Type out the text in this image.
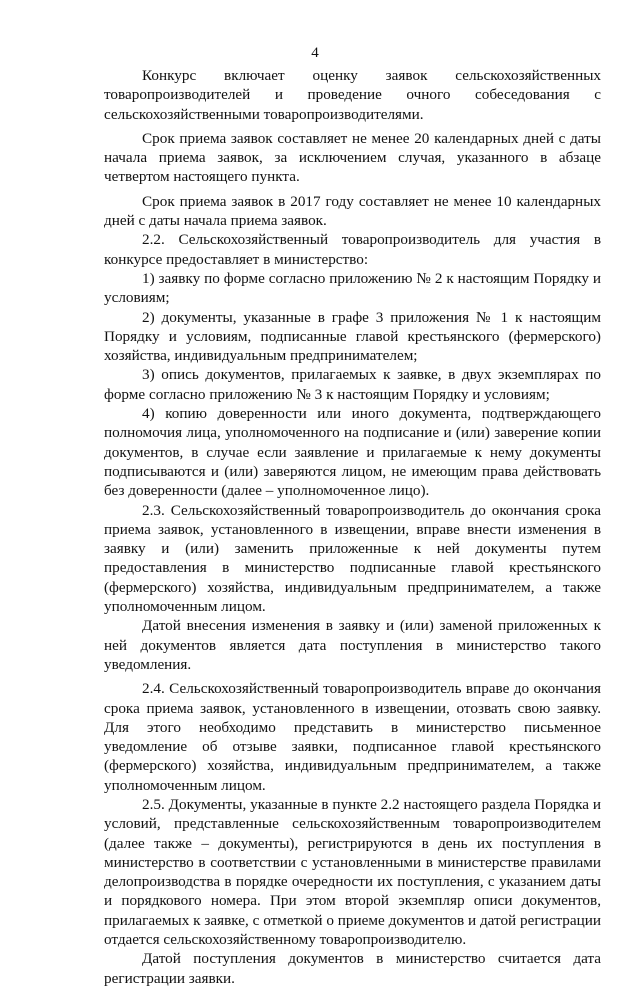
4

Конкурс включает оценку заявок сельскохозяйственных товаропроизводителей и проведение очного собеседования с сельскохозяйственными товаропроизводителями.

Срок приема заявок составляет не менее 20 календарных дней с даты начала приема заявок, за исключением случая, указанного в абзаце четвертом настоящего пункта.

Срок приема заявок в 2017 году составляет не менее 10 календарных дней с даты начала приема заявок.

2.2. Сельскохозяйственный товаропроизводитель для участия в конкурсе предоставляет в министерство:

1) заявку по форме согласно приложению № 2 к настоящим Порядку и условиям;

2) документы, указанные в графе 3 приложения № 1 к настоящим Порядку и условиям, подписанные главой крестьянского (фермерского) хозяйства, индивидуальным предпринимателем;

3) опись документов, прилагаемых к заявке, в двух экземплярах по форме согласно приложению № 3 к настоящим Порядку и условиям;

4) копию доверенности или иного документа, подтверждающего полномочия лица, уполномоченного на подписание и (или) заверение копии документов, в случае если заявление и прилагаемые к нему документы подписываются и (или) заверяются лицом, не имеющим права действовать без доверенности (далее – уполномоченное лицо).

2.3. Сельскохозяйственный товаропроизводитель до окончания срока приема заявок, установленного в извещении, вправе внести изменения в заявку и (или) заменить приложенные к ней документы путем предоставления в министерство подписанные главой крестьянского (фермерского) хозяйства, индивидуальным предпринимателем, а также уполномоченным лицом.

Датой внесения изменения в заявку и (или) заменой приложенных к ней документов является дата поступления в министерство такого уведомления.

2.4. Сельскохозяйственный товаропроизводитель вправе до окончания срока приема заявок, установленного в извещении, отозвать свою заявку. Для этого необходимо представить в министерство письменное уведомление об отзыве заявки, подписанное главой крестьянского (фермерского) хозяйства, индивидуальным предпринимателем, а также уполномоченным лицом.

2.5. Документы, указанные в пункте 2.2 настоящего раздела Порядка и условий, представленные сельскохозяйственным товаропроизводителем (далее также – документы), регистрируются в день их поступления в министерство в соответствии с установленными в министерстве правилами делопроизводства в порядке очередности их поступления, с указанием даты и порядкового номера. При этом второй экземпляр описи документов, прилагаемых к заявке, с отметкой о приеме документов и датой регистрации отдается сельскохозяйственному товаропроизводителю.

Датой поступления документов в министерство считается дата регистрации заявки.
